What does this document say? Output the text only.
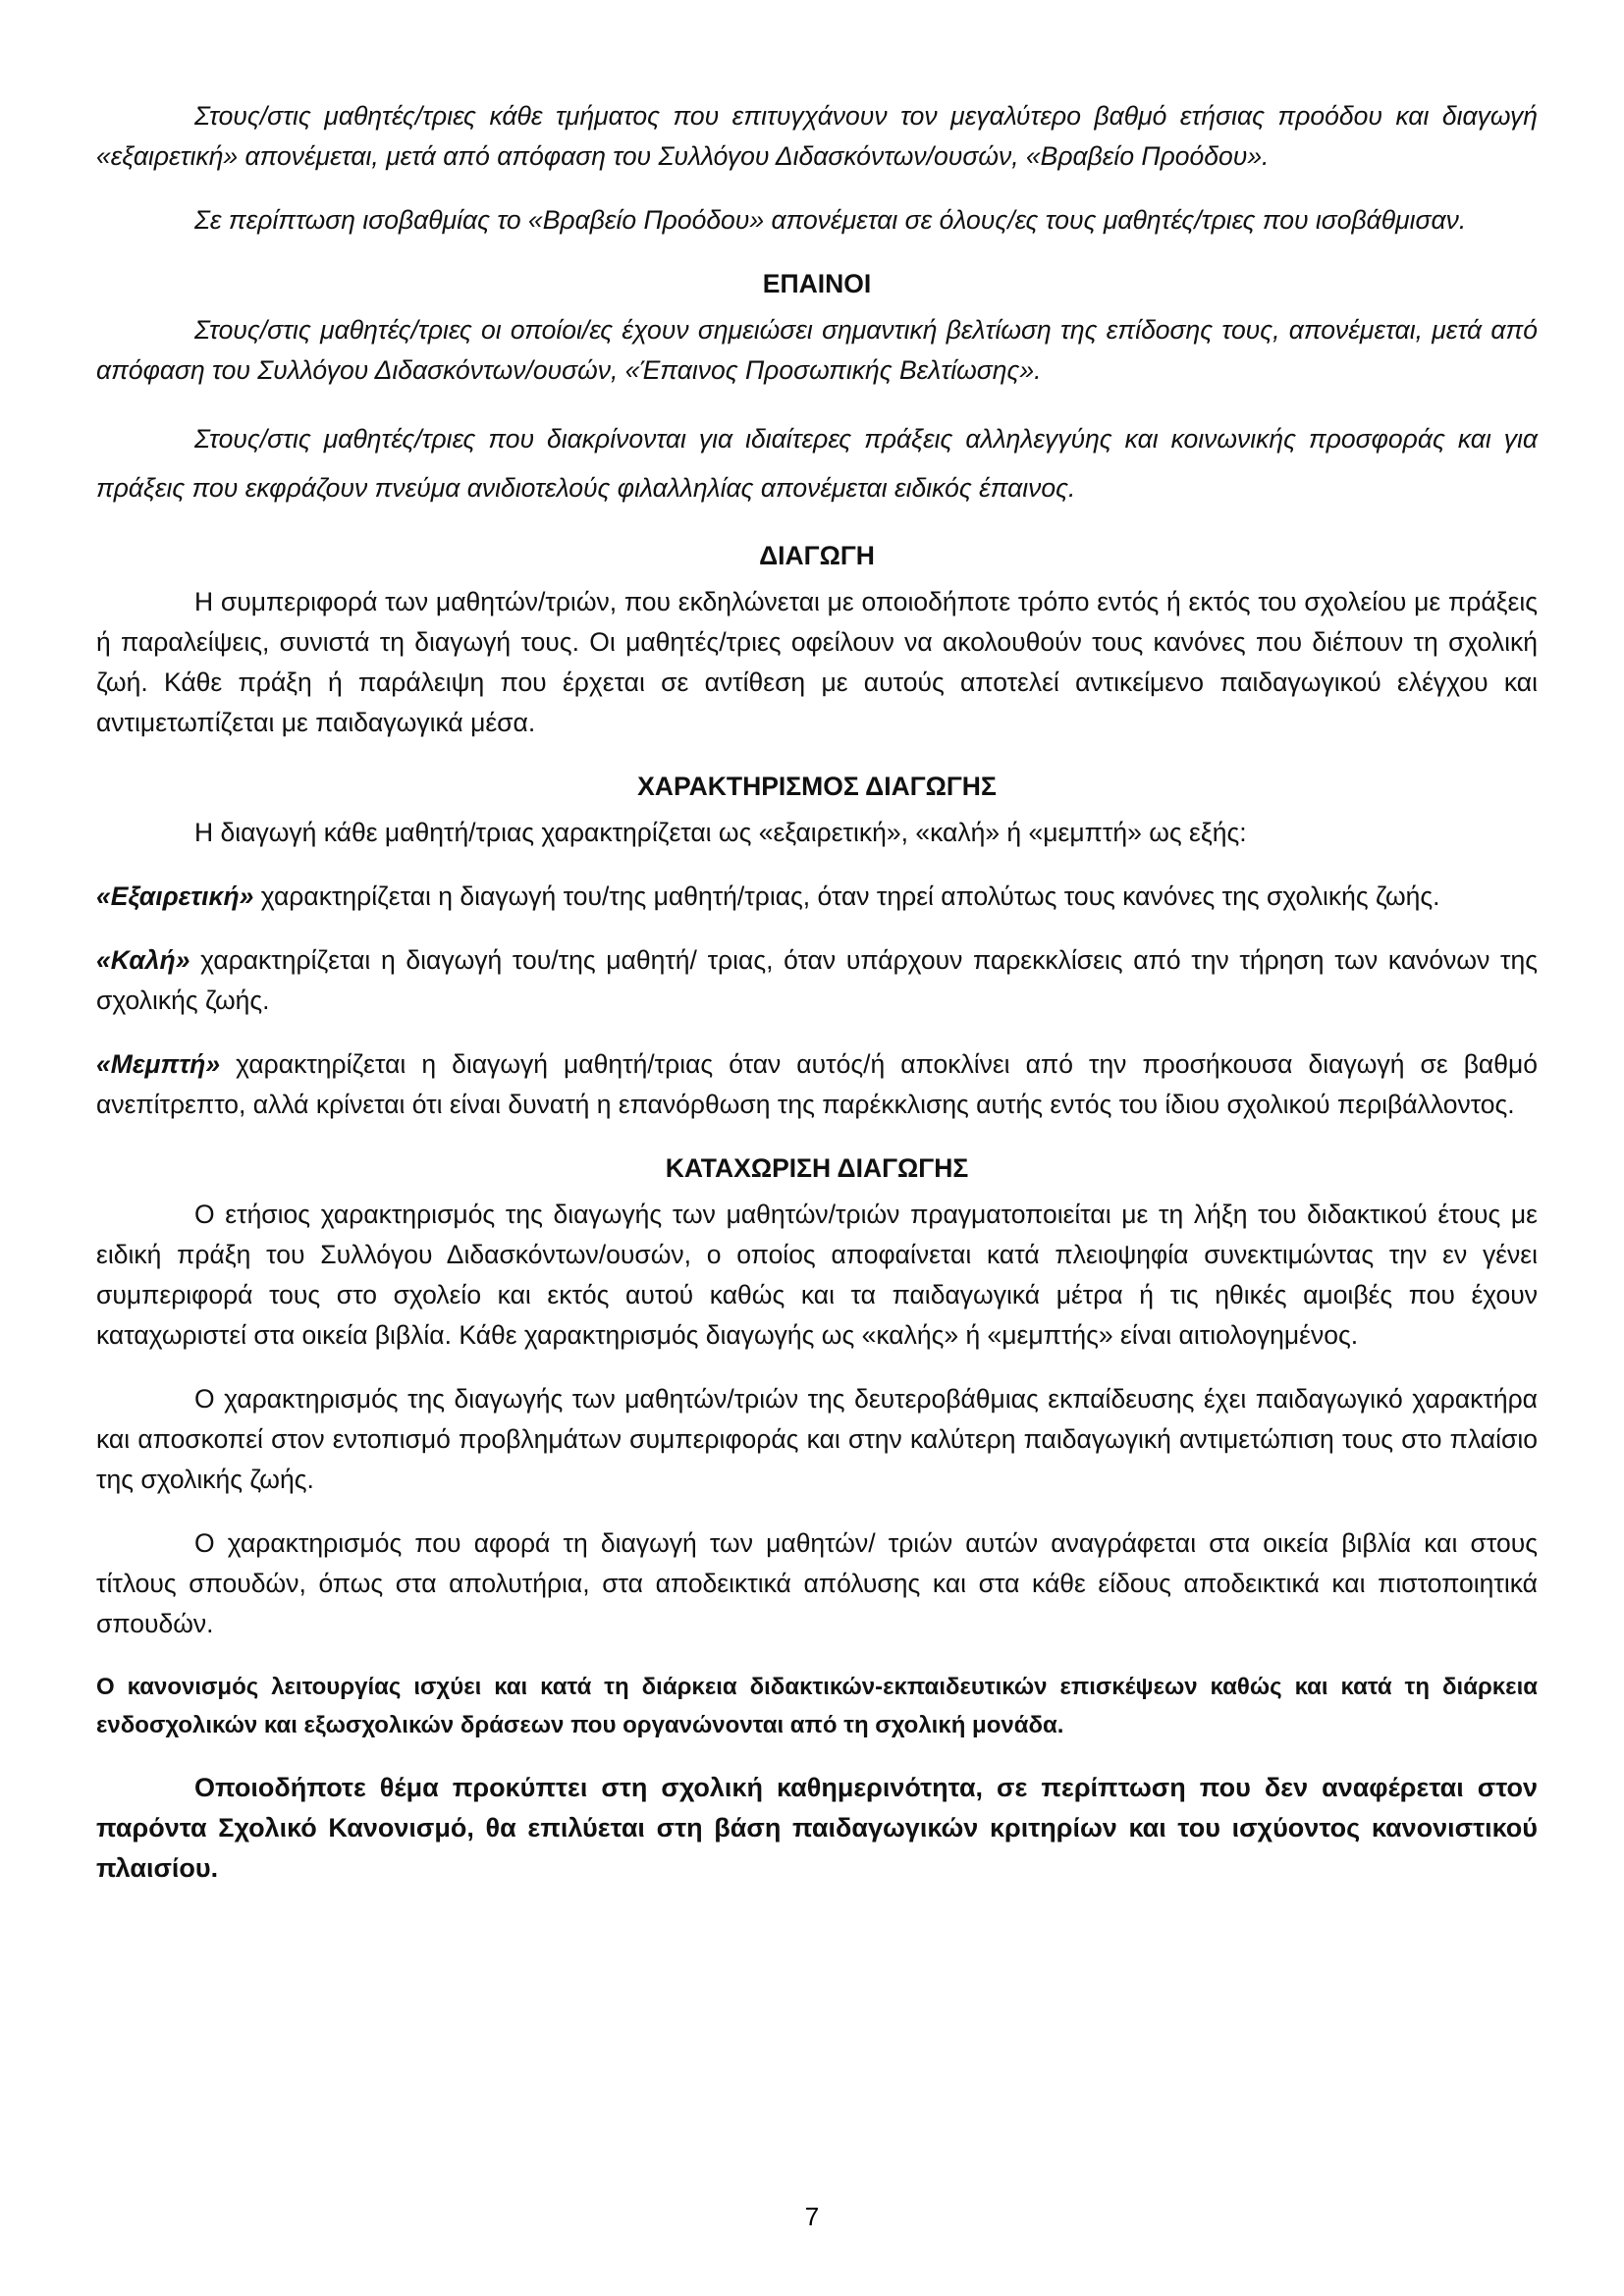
Στους/στις μαθητές/τριες κάθε τμήματος που επιτυγχάνουν τον μεγαλύτερο βαθμό ετήσιας προόδου και διαγωγή «εξαιρετική» απονέμεται, μετά από απόφαση του Συλλόγου Διδασκόντων/ουσών, «Βραβείο Προόδου».

Σε περίπτωση ισοβαθμίας το «Βραβείο Προόδου» απονέμεται σε όλους/ες τους μαθητές/τριες που ισοβάθμισαν.

ΕΠΑΙΝΟΙ

Στους/στις μαθητές/τριες οι οποίοι/ες έχουν σημειώσει σημαντική βελτίωση της επίδοσης τους, απονέμεται, μετά από απόφαση του Συλλόγου Διδασκόντων/ουσών, «Έπαινος Προσωπικής Βελτίωσης».

Στους/στις μαθητές/τριες που διακρίνονται για ιδιαίτερες πράξεις αλληλεγγύης και κοινωνικής προσφοράς και για πράξεις που εκφράζουν πνεύμα ανιδιοτελούς φιλαλληλίας απονέμεται ειδικός έπαινος.

ΔΙΑΓΩΓΗ

Η συμπεριφορά των μαθητών/τριών, που εκδηλώνεται με οποιοδήποτε τρόπο εντός ή εκτός του σχολείου με πράξεις ή παραλείψεις, συνιστά τη διαγωγή τους. Οι μαθητές/τριες οφείλουν να ακολουθούν τους κανόνες που διέπουν τη σχολική ζωή. Κάθε πράξη ή παράλειψη που έρχεται σε αντίθεση με αυτούς αποτελεί αντικείμενο παιδαγωγικού ελέγχου και αντιμετωπίζεται με παιδαγωγικά μέσα.

ΧΑΡΑΚΤΗΡΙΣΜΟΣ ΔΙΑΓΩΓΗΣ

Η διαγωγή κάθε μαθητή/τριας χαρακτηρίζεται ως «εξαιρετική», «καλή» ή «μεμπτή» ως εξής:

«Εξαιρετική» χαρακτηρίζεται η διαγωγή του/της μαθητή/τριας, όταν τηρεί απολύτως τους κανόνες της σχολικής ζωής.

«Καλή» χαρακτηρίζεται η διαγωγή του/της μαθητή/ τριας, όταν υπάρχουν παρεκκλίσεις από την τήρηση των κανόνων της σχολικής ζωής.

«Μεμπτή» χαρακτηρίζεται η διαγωγή μαθητή/τριας όταν αυτός/ή αποκλίνει από την προσήκουσα διαγωγή σε βαθμό ανεπίτρεπτο, αλλά κρίνεται ότι είναι δυνατή η επανόρθωση της παρέκκλισης αυτής εντός του ίδιου σχολικού περιβάλλοντος.

ΚΑΤΑΧΩΡΙΣΗ ΔΙΑΓΩΓΗΣ

Ο ετήσιος χαρακτηρισμός της διαγωγής των μαθητών/τριών πραγματοποιείται με τη λήξη του διδακτικού έτους με ειδική πράξη του Συλλόγου Διδασκόντων/ουσών, ο οποίος αποφαίνεται κατά πλειοψηφία συνεκτιμώντας την εν γένει συμπεριφορά τους στο σχολείο και εκτός αυτού καθώς και τα παιδαγωγικά μέτρα ή τις ηθικές αμοιβές που έχουν καταχωριστεί στα οικεία βιβλία. Κάθε χαρακτηρισμός διαγωγής ως «καλής» ή «μεμπτής» είναι αιτιολογημένος.

Ο χαρακτηρισμός της διαγωγής των μαθητών/τριών της δευτεροβάθμιας εκπαίδευσης έχει παιδαγωγικό χαρακτήρα και αποσκοπεί στον εντοπισμό προβλημάτων συμπεριφοράς και στην καλύτερη παιδαγωγική αντιμετώπιση τους στο πλαίσιο της σχολικής ζωής.

Ο χαρακτηρισμός που αφορά τη διαγωγή των μαθητών/ τριών αυτών αναγράφεται στα οικεία βιβλία και στους τίτλους σπουδών, όπως στα απολυτήρια, στα αποδεικτικά απόλυσης και στα κάθε είδους αποδεικτικά και πιστοποιητικά σπουδών.

Ο κανονισμός λειτουργίας ισχύει και κατά τη διάρκεια διδακτικών-εκπαιδευτικών επισκέψεων καθώς και κατά τη διάρκεια ενδοσχολικών και εξωσχολικών δράσεων που οργανώνονται από τη σχολική μονάδα.

Οποιοδήποτε θέμα προκύπτει στη σχολική καθημερινότητα, σε περίπτωση που δεν αναφέρεται στον παρόντα Σχολικό Κανονισμό, θα επιλύεται στη βάση παιδαγωγικών κριτηρίων και του ισχύοντος κανονιστικού πλαισίου.

7
